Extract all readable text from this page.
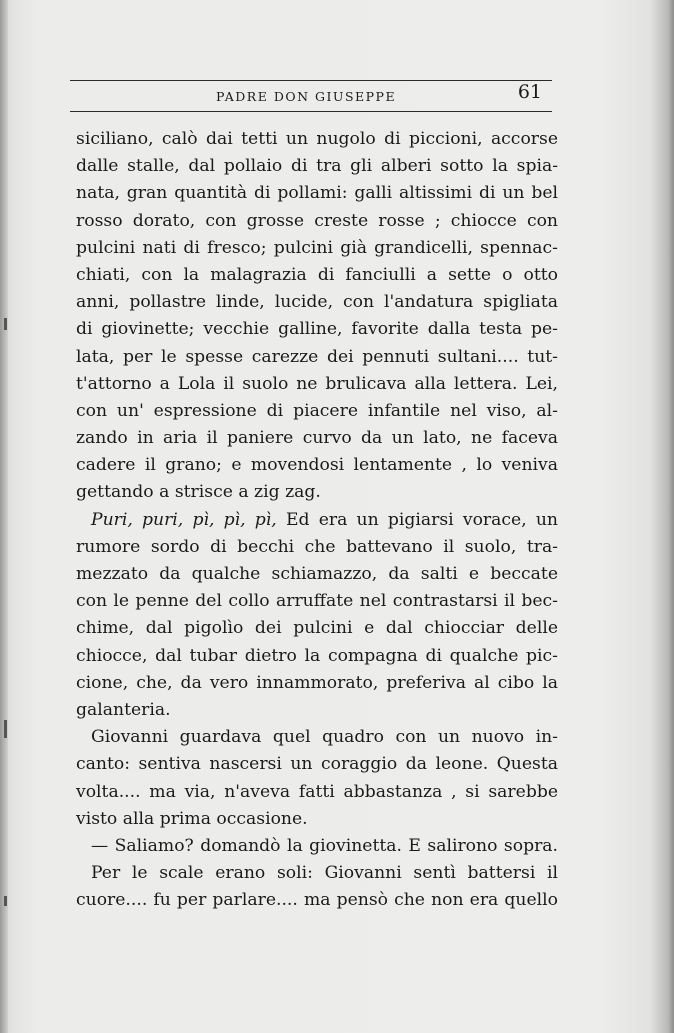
PADRE DON GIUSEPPE	61
siciliano, calò dai tetti un nugolo di piccioni, accorse
dalle stalle, dal pollaio di tra gli alberi sotto la spia-
nata, gran quantità di pollami: galli altissimi di un bel
rosso dorato, con grosse creste rosse ; chiocce con
pulcini nati di fresco; pulcini già grandicelli, spennac-
chiati, con la malagrazia di fanciulli a sette o otto
anni, pollastre linde, lucide, con l'andatura spigliata
di giovinette; vecchie galline, favorite dalla testa pe-
lata, per le spesse carezze dei pennuti sultani.... tut-
t'attorno a Lola il suolo ne brulicava alla lettera. Lei,
con un' espressione di piacere infantile nel viso, al-
zando in aria il paniere curvo da un lato, ne faceva
cadere il grano; e movendosi lentamente , lo veniva
gettando a strisce a zig zag.
Puri, puri, pì, pì, pì, Ed era un pigiarsi vorace, un
rumore sordo di becchi che battevano il suolo, tra-
mezzato da qualche schiamazzo, da salti e beccate
con le penne del collo arruffate nel contrastarsi il bec-
chime, dal pigolìo dei pulcini e dal chiocciar delle
chiocce, dal tubar dietro la compagna di qualche pic-
cione, che, da vero innammorato, preferiva al cibo la
galanteria.
Giovanni guardava quel quadro con un nuovo in-
canto: sentiva nascersi un coraggio da leone. Questa
volta.... ma via, n'aveva fatti abbastanza , si sarebbe
visto alla prima occasione.
— Saliamo? domandò la giovinetta. E salirono sopra.
Per le scale erano soli: Giovanni sentì battersi il
cuore.... fu per parlare.... ma pensò che non era quello
